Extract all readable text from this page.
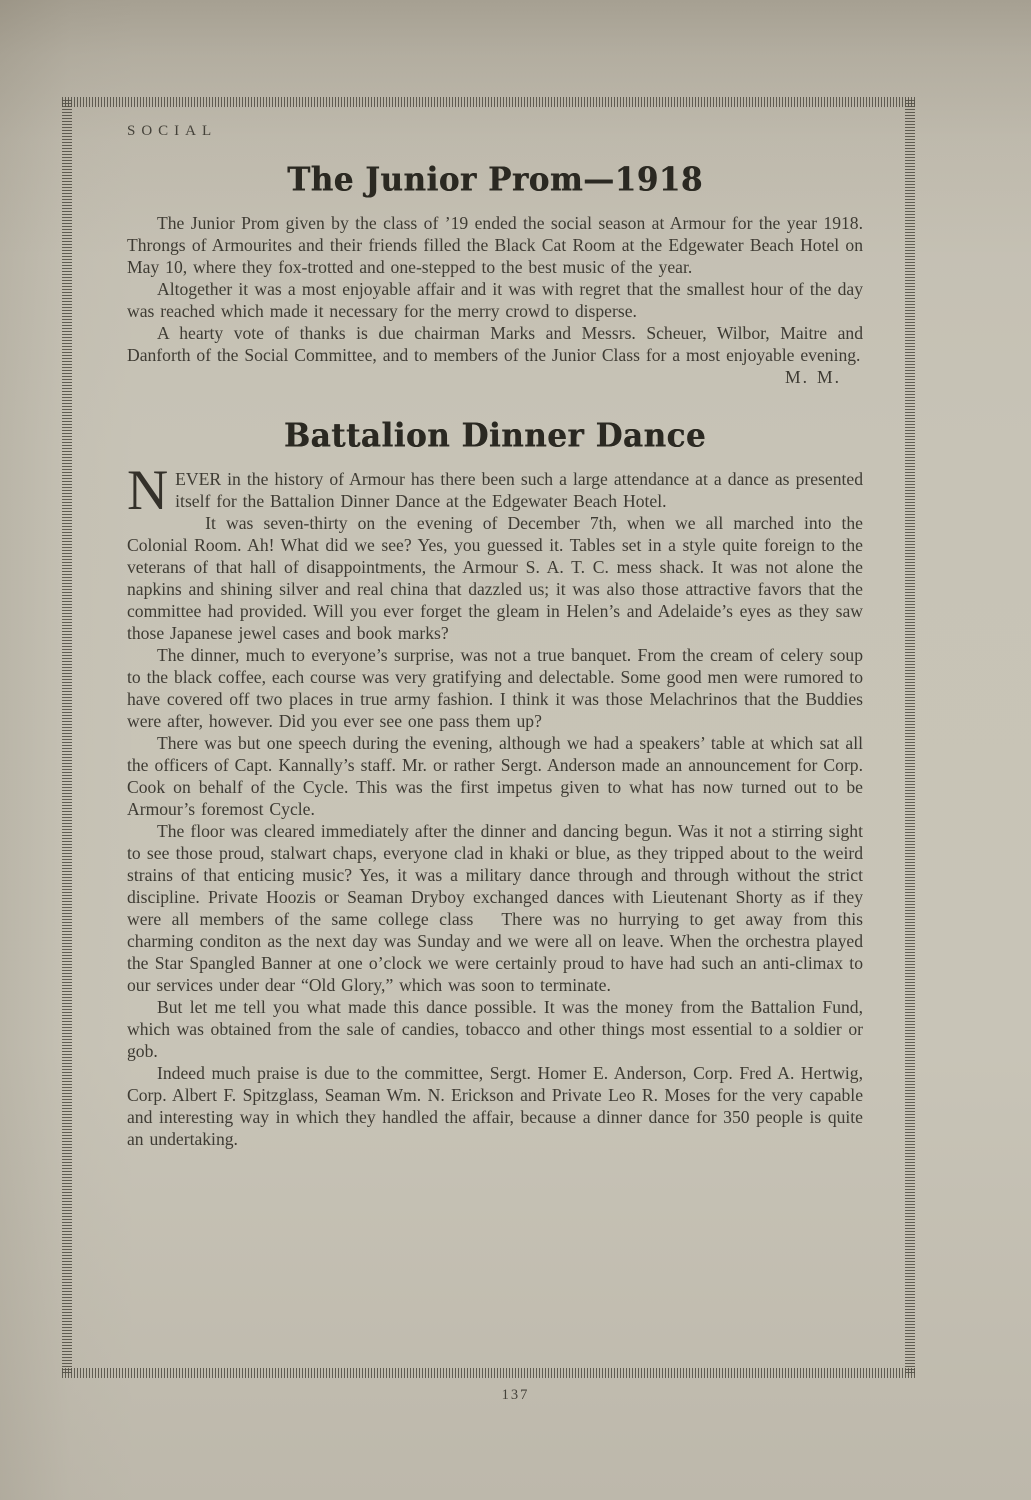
SOCIAL
The Junior Prom—1918

The Junior Prom given by the class of ’19 ended the social season at Armour for the year 1918. Throngs of Armourites and their friends filled the Black Cat Room at the Edgewater Beach Hotel on May 10, where they fox-trotted and one-stepped to the best music of the year.

Altogether it was a most enjoyable affair and it was with regret that the smallest hour of the day was reached which made it necessary for the merry crowd to disperse.

A hearty vote of thanks is due chairman Marks and Messrs. Scheuer, Wilbor, Maitre and Danforth of the Social Committee, and to members of the Junior Class for a most enjoyable evening.
M. M.

Battalion Dinner Dance

NEVER in the history of Armour has there been such a large attendance at a dance as presented itself for the Battalion Dinner Dance at the Edgewater Beach Hotel.

It was seven-thirty on the evening of December 7th, when we all marched into the Colonial Room. Ah! What did we see? Yes, you guessed it. Tables set in a style quite foreign to the veterans of that hall of disappointments, the Armour S. A. T. C. mess shack. It was not alone the napkins and shining silver and real china that dazzled us; it was also those attractive favors that the committee had provided. Will you ever forget the gleam in Helen’s and Adelaide’s eyes as they saw those Japanese jewel cases and book marks?

The dinner, much to everyone’s surprise, was not a true banquet. From the cream of celery soup to the black coffee, each course was very gratifying and delectable. Some good men were rumored to have covered off two places in true army fashion. I think it was those Melachrinos that the Buddies were after, however. Did you ever see one pass them up?

There was but one speech during the evening, although we had a speakers’ table at which sat all the officers of Capt. Kannally’s staff. Mr. or rather Sergt. Anderson made an announcement for Corp. Cook on behalf of the Cycle. This was the first impetus given to what has now turned out to be Armour’s foremost Cycle.

The floor was cleared immediately after the dinner and dancing begun. Was it not a stirring sight to see those proud, stalwart chaps, everyone clad in khaki or blue, as they tripped about to the weird strains of that enticing music? Yes, it was a military dance through and through without the strict discipline. Private Hoozis or Seaman Dryboy exchanged dances with Lieutenant Shorty as if they were all members of the same college class  There was no hurrying to get away from this charming conditon as the next day was Sunday and we were all on leave. When the orchestra played the Star Spangled Banner at one o’clock we were certainly proud to have had such an anti-climax to our services under dear “Old Glory,” which was soon to terminate.

But let me tell you what made this dance possible. It was the money from the Battalion Fund, which was obtained from the sale of candies, tobacco and other things most essential to a soldier or gob.

Indeed much praise is due to the committee, Sergt. Homer E. Anderson, Corp. Fred A. Hertwig, Corp. Albert F. Spitzglass, Seaman Wm. N. Erickson and Private Leo R. Moses for the very capable and interesting way in which they handled the affair, because a dinner dance for 350 people is quite an undertaking.

137
